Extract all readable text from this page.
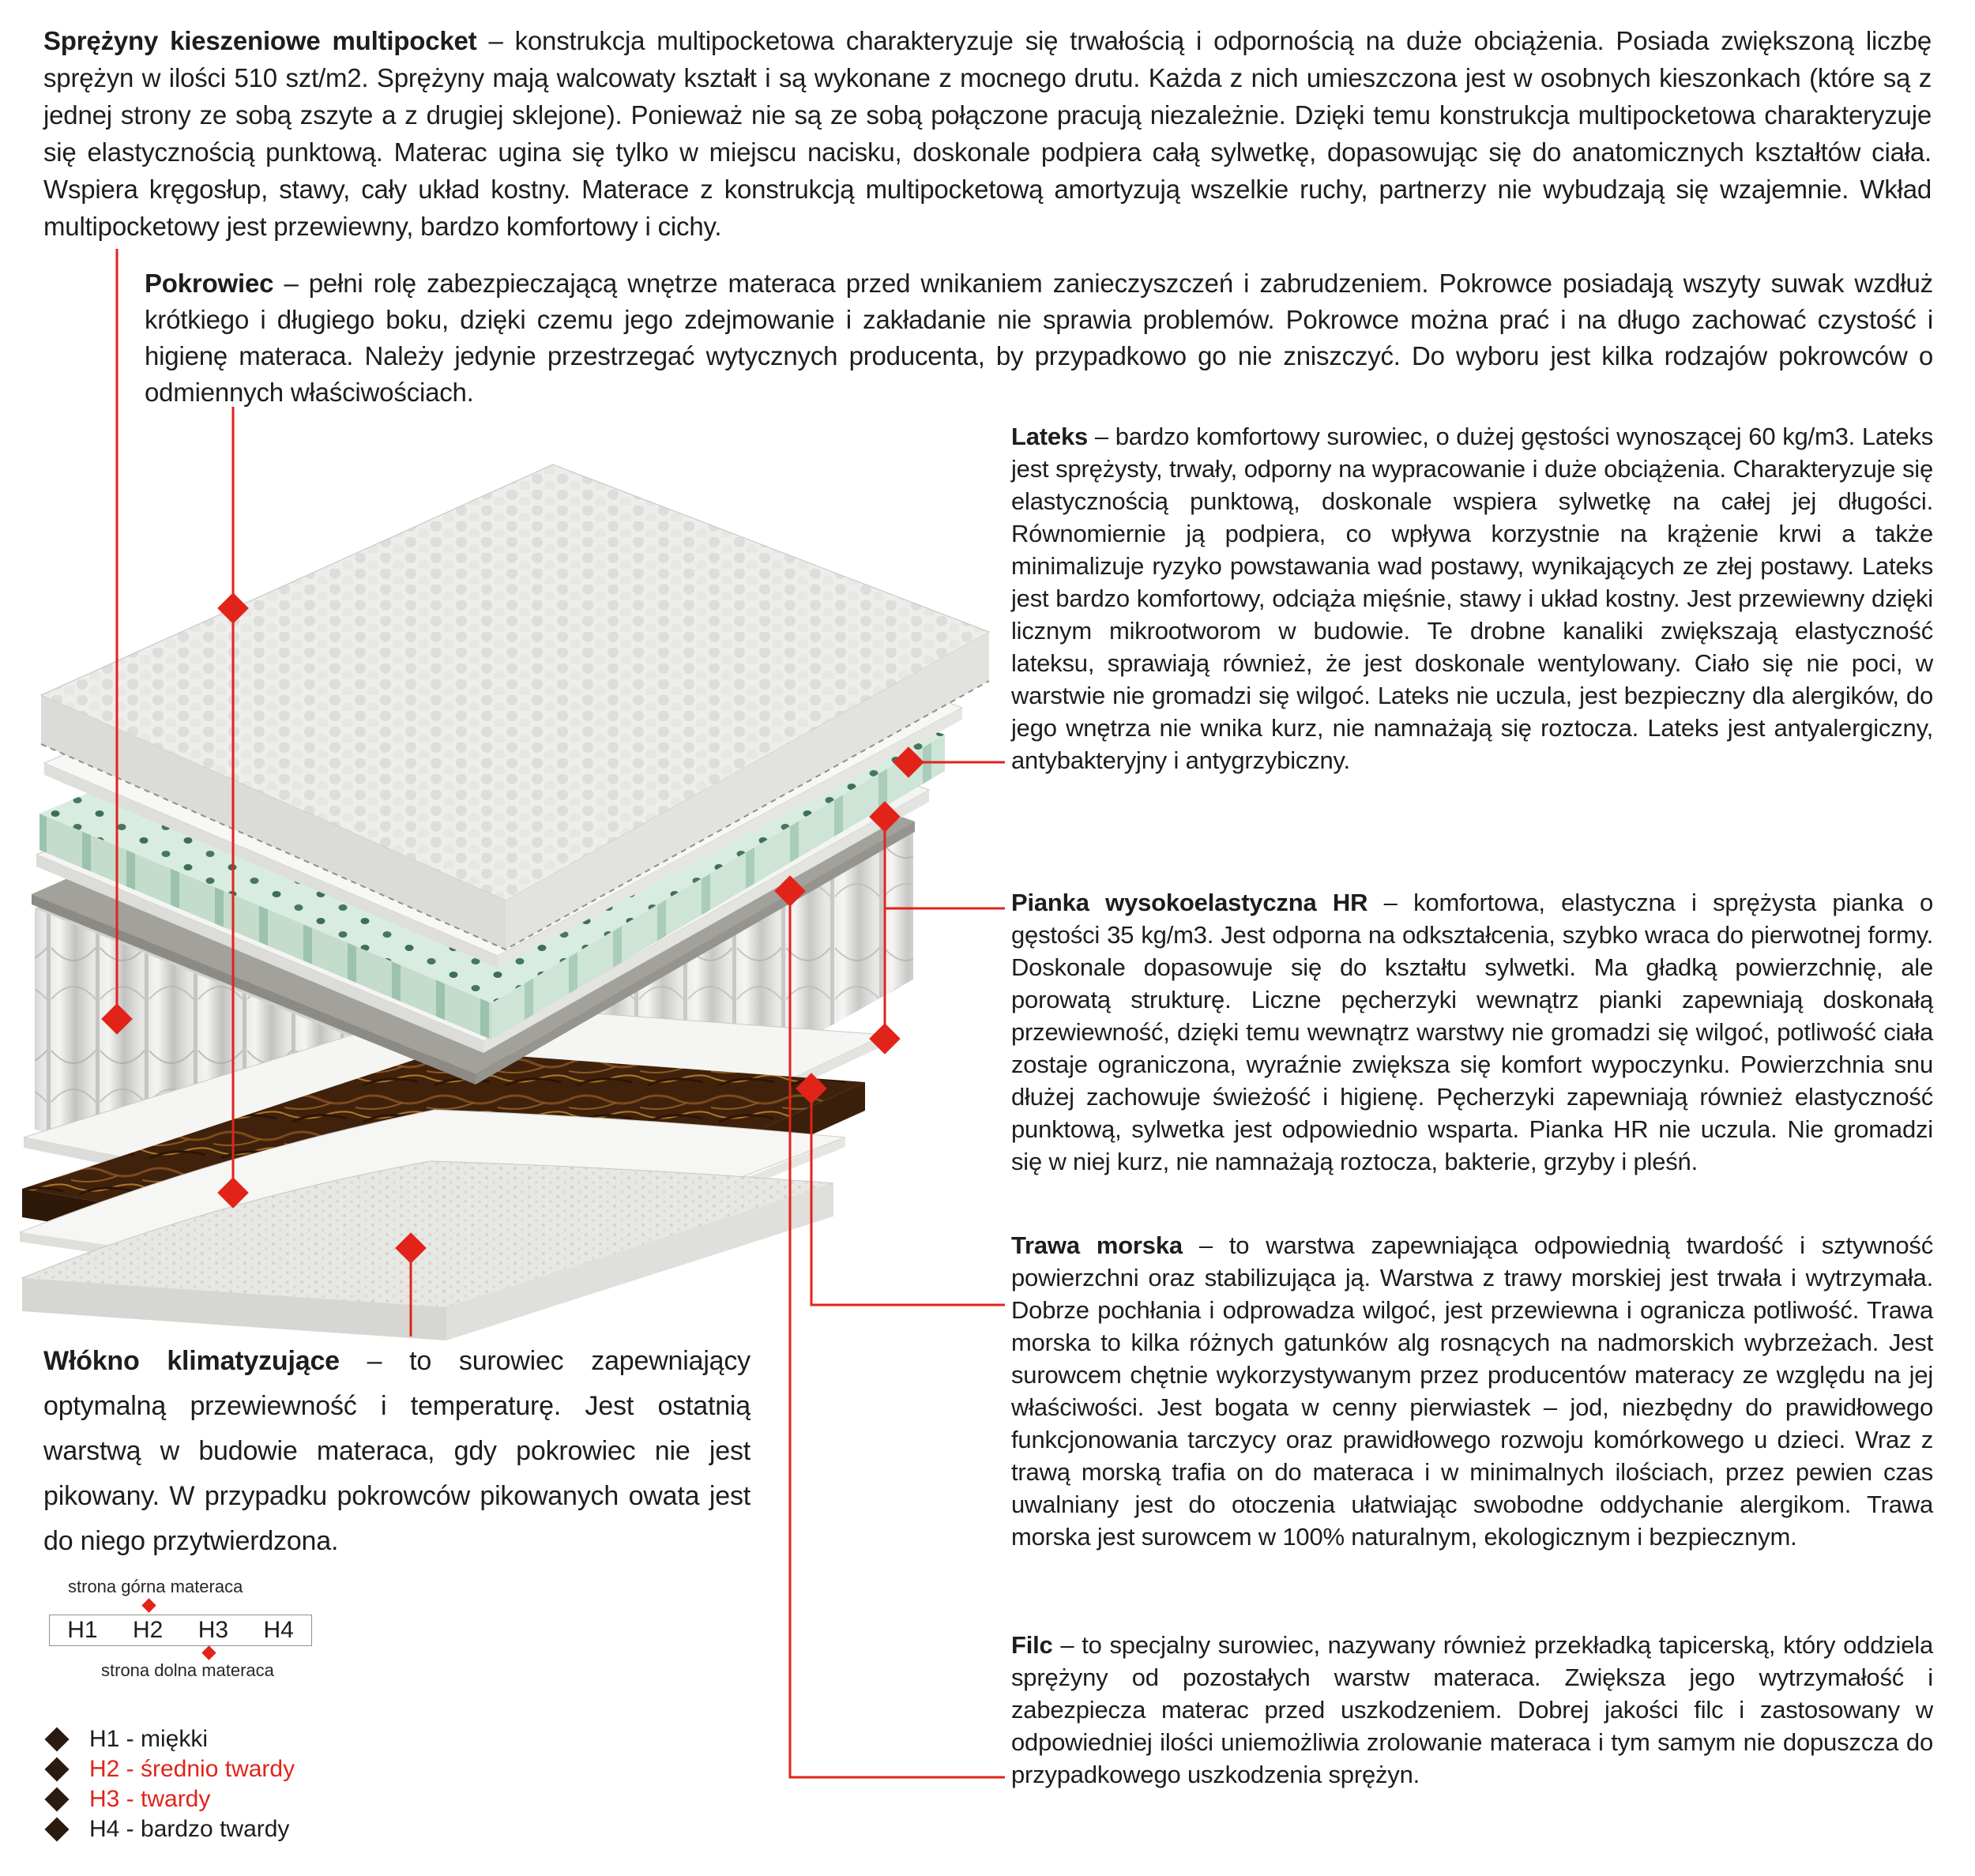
Sprężyny kieszeniowe multipocket – konstrukcja multipocketowa charakteryzuje się trwałością i odpornością na duże obciążenia. Posiada zwiększoną liczbę sprężyn w ilości 510 szt/m2. Sprężyny mają walcowaty kształt i są wykonane z mocnego drutu. Każda z nich umieszczona jest w osobnych kieszonkach (które są z jednej strony ze sobą zszyte a z drugiej sklejone). Ponieważ nie są ze sobą połączone pracują niezależnie. Dzięki temu konstrukcja multipocketowa charakteryzuje się elastycznością punktową. Materac ugina się tylko w miejscu nacisku, doskonale podpiera całą sylwetkę, dopasowując się do anatomicznych kształtów ciała. Wspiera kręgosłup, stawy, cały układ kostny. Materace z konstrukcją multipocketową amortyzują wszelkie ruchy, partnerzy nie wybudzają się wzajemnie. Wkład multipocketowy jest przewiewny, bardzo komfortowy i cichy.
Pokrowiec – pełni rolę zabezpieczającą wnętrze materaca przed wnikaniem zanieczyszczeń i zabrudzeniem. Pokrowce posiadają wszyty suwak wzdłuż krótkiego i długiego boku, dzięki czemu jego zdejmowanie i zakładanie nie sprawia problemów. Pokrowce można prać i na długo zachować czystość i higienę materaca. Należy jedynie przestrzegać wytycznych producenta, by przypadkowo go nie zniszczyć. Do wyboru jest kilka rodzajów pokrowców o odmiennych właściwościach.
Lateks – bardzo komfortowy surowiec, o dużej gęstości wynoszącej 60 kg/m3. Lateks jest sprężysty, trwały, odporny na wypracowanie i duże obciążenia. Charakteryzuje się elastycznością punktową, doskonale wspiera sylwetkę na całej jej długości. Równomiernie ją podpiera, co wpływa korzystnie na krążenie krwi a także minimalizuje ryzyko powstawania wad postawy, wynikających ze złej postawy. Lateks jest bardzo komfortowy, odciąża mięśnie, stawy i układ kostny. Jest przewiewny dzięki licznym mikrootworom w budowie. Te drobne kanaliki zwiększają elastyczność lateksu, sprawiają również, że jest doskonale wentylowany. Ciało się nie poci, w warstwie nie gromadzi się wilgoć. Lateks nie uczula, jest bezpieczny dla alergików, do jego wnętrza nie wnika kurz, nie namnażają się roztocza. Lateks jest antyalergiczny, antybakteryjny i antygrzybiczny.
Pianka wysokoelastyczna HR – komfortowa, elastyczna i sprężysta pianka o gęstości 35 kg/m3. Jest odporna na odkształcenia, szybko wraca do pierwotnej formy. Doskonale dopasowuje się do kształtu sylwetki. Ma gładką powierzchnię, ale porowatą strukturę. Liczne pęcherzyki wewnątrz pianki zapewniają doskonałą przewiewność, dzięki temu wewnątrz warstwy nie gromadzi się wilgoć, potliwość ciała zostaje ograniczona, wyraźnie zwiększa się komfort wypoczynku. Powierzchnia snu dłużej zachowuje świeżość i higienę. Pęcherzyki zapewniają również elastyczność punktową, sylwetka jest odpowiednio wsparta. Pianka HR nie uczula. Nie gromadzi się w niej kurz, nie namnażają roztocza, bakterie, grzyby i pleśń.
Trawa morska – to warstwa zapewniająca odpowiednią twardość i sztywność powierzchni oraz stabilizująca ją. Warstwa z trawy morskiej jest trwała i wytrzymała. Dobrze pochłania i odprowadza wilgoć, jest przewiewna i ogranicza potliwość. Trawa morska to kilka różnych gatunków alg rosnących na nadmorskich wybrzeżach. Jest surowcem chętnie wykorzystywanym przez producentów materacy ze względu na jej właściwości. Jest bogata w cenny pierwiastek – jod, niezbędny do prawidłowego funkcjonowania tarczycy oraz prawidłowego rozwoju komórkowego u dzieci. Wraz z trawą morską trafia on do materaca i w minimalnych ilościach, przez pewien czas uwalniany jest do otoczenia ułatwiając swobodne oddychanie alergikom. Trawa morska jest surowcem w 100% naturalnym, ekologicznym i bezpiecznym.
Filc – to specjalny surowiec, nazywany również przekładką tapicerską, który oddziela sprężyny od pozostałych warstw materaca. Zwiększa jego wytrzymałość i zabezpiecza materac przed uszkodzeniem. Dobrej jakości filc i zastosowany w odpowiedniej ilości uniemożliwia zrolowanie materaca i tym samym nie dopuszcza do przypadkowego uszkodzenia sprężyn.
Włókno klimatyzujące – to surowiec zapewniający optymalną przewiewność i temperaturę. Jest ostatnią warstwą w budowie materaca, gdy pokrowiec nie jest pikowany. W przypadku pokrowców pikowanych owata jest do niego przytwierdzona.
strona górna materaca
H1 H2 H3 H4
strona dolna materaca
H1 - miękki
H2 - średnio twardy
H3 - twardy
H4 - bardzo twardy
